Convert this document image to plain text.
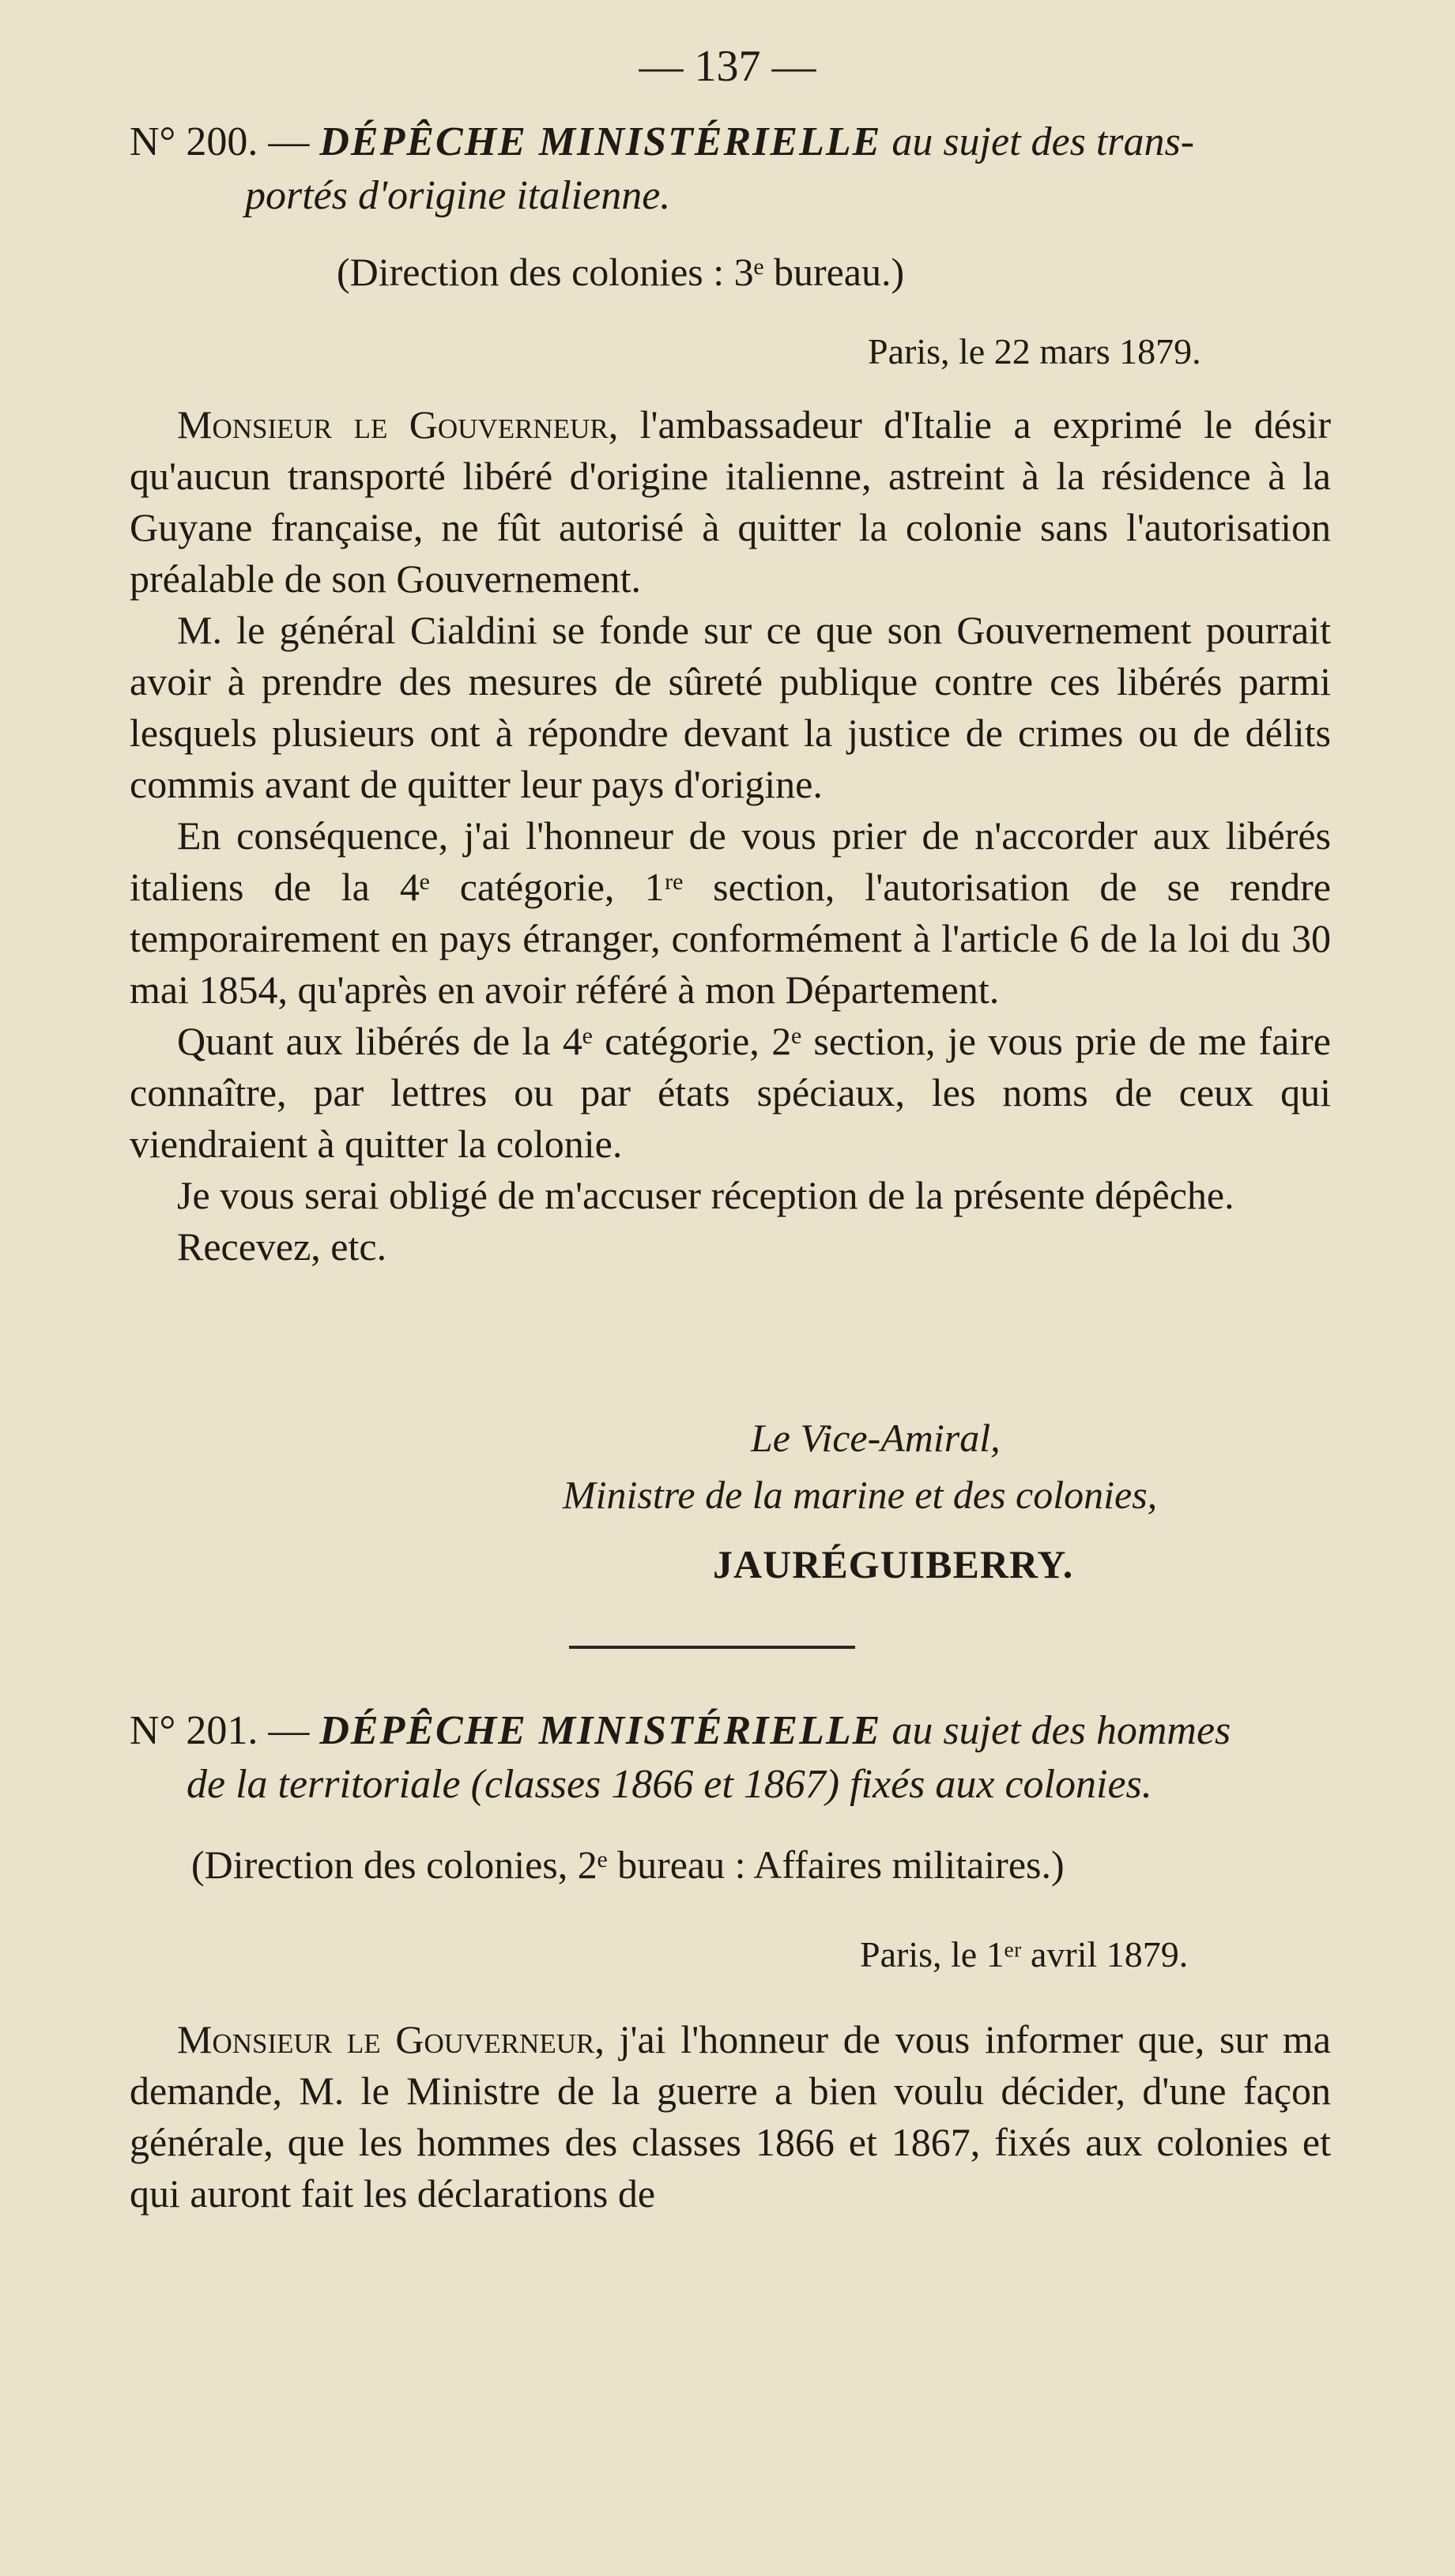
— 137 —
N° 200. — DÉPÊCHE MINISTÉRIELLE au sujet des trans-
portés d'origine italienne.
(Direction des colonies : 3ᵉ bureau.)
Paris, le 22 mars 1879.

Monsieur le Gouverneur, l'ambassadeur d'Italie a exprimé le désir qu'aucun transporté libéré d'origine italienne, astreint à la résidence à la Guyane française, ne fût autorisé à quitter la colonie sans l'autorisation préalable de son Gouvernement.

M. le général Cialdini se fonde sur ce que son Gouvernement pourrait avoir à prendre des mesures de sûreté publique contre ces libérés parmi lesquels plusieurs ont à répondre devant la justice de crimes ou de délits commis avant de quitter leur pays d'origine.

En conséquence, j'ai l'honneur de vous prier de n'accorder aux libérés italiens de la 4ᵉ catégorie, 1ʳᵉ section, l'autorisation de se rendre temporairement en pays étranger, conformément à l'article 6 de la loi du 30 mai 1854, qu'après en avoir référé à mon Département.

Quant aux libérés de la 4ᵉ catégorie, 2ᵉ section, je vous prie de me faire connaître, par lettres ou par états spéciaux, les noms de ceux qui viendraient à quitter la colonie.

Je vous serai obligé de m'accuser réception de la présente dépêche.

Recevez, etc.

Le Vice-Amiral,
Ministre de la marine et des colonies,
JAURÉGUIBERRY.
N° 201. — DÉPÊCHE MINISTÉRIELLE au sujet des hommes
de la territoriale (classes 1866 et 1867) fixés aux colonies.
(Direction des colonies, 2ᵉ bureau : Affaires militaires.)
Paris, le 1ᵉʳ avril 1879.

Monsieur le Gouverneur, j'ai l'honneur de vous informer que, sur ma demande, M. le Ministre de la guerre a bien voulu décider, d'une façon générale, que les hommes des classes 1866 et 1867, fixés aux colonies et qui auront fait les déclarations de
